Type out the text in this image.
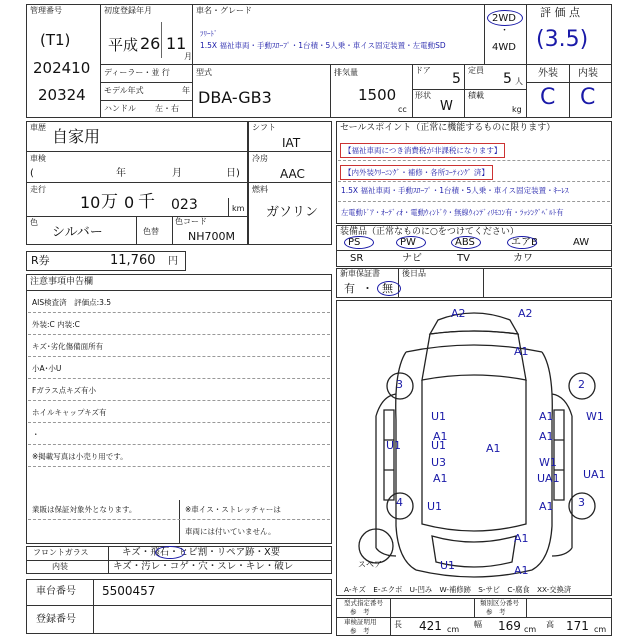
管理番号
(T1)
202410
20324
初度登録年月
平成 26 11
月
車名・グレード
ﾌﾘｰﾄﾞ
1.5X 福祉車両・手動ｽﾛｰﾌﾟ・1台積・5人乗・車イス固定装置・左電動SD
2WD
・
4WD
評 価 点
(3.5)
外装 内装
C C
ディーラー・並 行
モデル年式	年
ハンドル 左・右
型式
DBA-GB3
排気量
1500
cc
ドア
5
定員
5 人
形状
W
積載
kg
車歴 自家用
車検
(	年	月	日)
走行
10 万 0 千 023	km
色
シルバー	色替
色コード
NH700M
シフト
IAT
冷房
AAC
燃料
ガソリン
R券	11,760 円
セールスポイント（正常に機能するものに限ります）
【福祉車両につき消費税が非課税になります】
【内外装ｸﾘｰﾆﾝｸﾞ・補修・各所ｺｰﾃｨﾝｸﾞ 済】
1.5X 福祉車両・手動ｽﾛｰﾌﾟ・1台積・5人乗・車イス固定装置・ｷｰﾚｽ
左電動ﾄﾞｱ・ｵｰﾃﾞｨｵ・電動ｳｨﾝﾄﾞｳ・無線ｳｨﾝﾃﾞｨﾘﾓｺﾝ有・ﾗｯｼﾝｸﾞﾍﾞﾙﾄ有
装備品（正常なものに○をつけてください）
PS	PW	ABS	エアB	AW
SR	ナビ	TV	カワ
新車保証書
有 ・ 無
後日品
注意事項申告欄
AIS検査済　評価点:3.5
外装:C 内装:C
キズ･劣化傷備面所有
小A･小U
Fガラス点キズ有小
ホイルキャップキズ有
・
※掲載写真は小売り用です。
業販は保証対象外となります。	※車イス・ストレッチャーは
車両には付いていません。
フロントガラス	キズ・飛石・ヒビ割・リペア跡・X要
内装	キズ・汚レ・コゲ・穴・スレ・キレ・破レ
車台番号 5500457
登録番号
A2	A2
A1
3	2
U1	W1
A1
A1
U1	A1
A1
U1
U3	W1
A1	UA1 UA1
4	3
U1	A1
A1
U1	A1
スペア
A-キズ　E-エクボ　U-凹み　W-補修跡　S-サビ　C-腐食　XX-交換済
型式指定番号
参　考
類別区分番号
参　考
車検証明用
参　考
長 421 cm
幅 169 cm
高 171 cm
